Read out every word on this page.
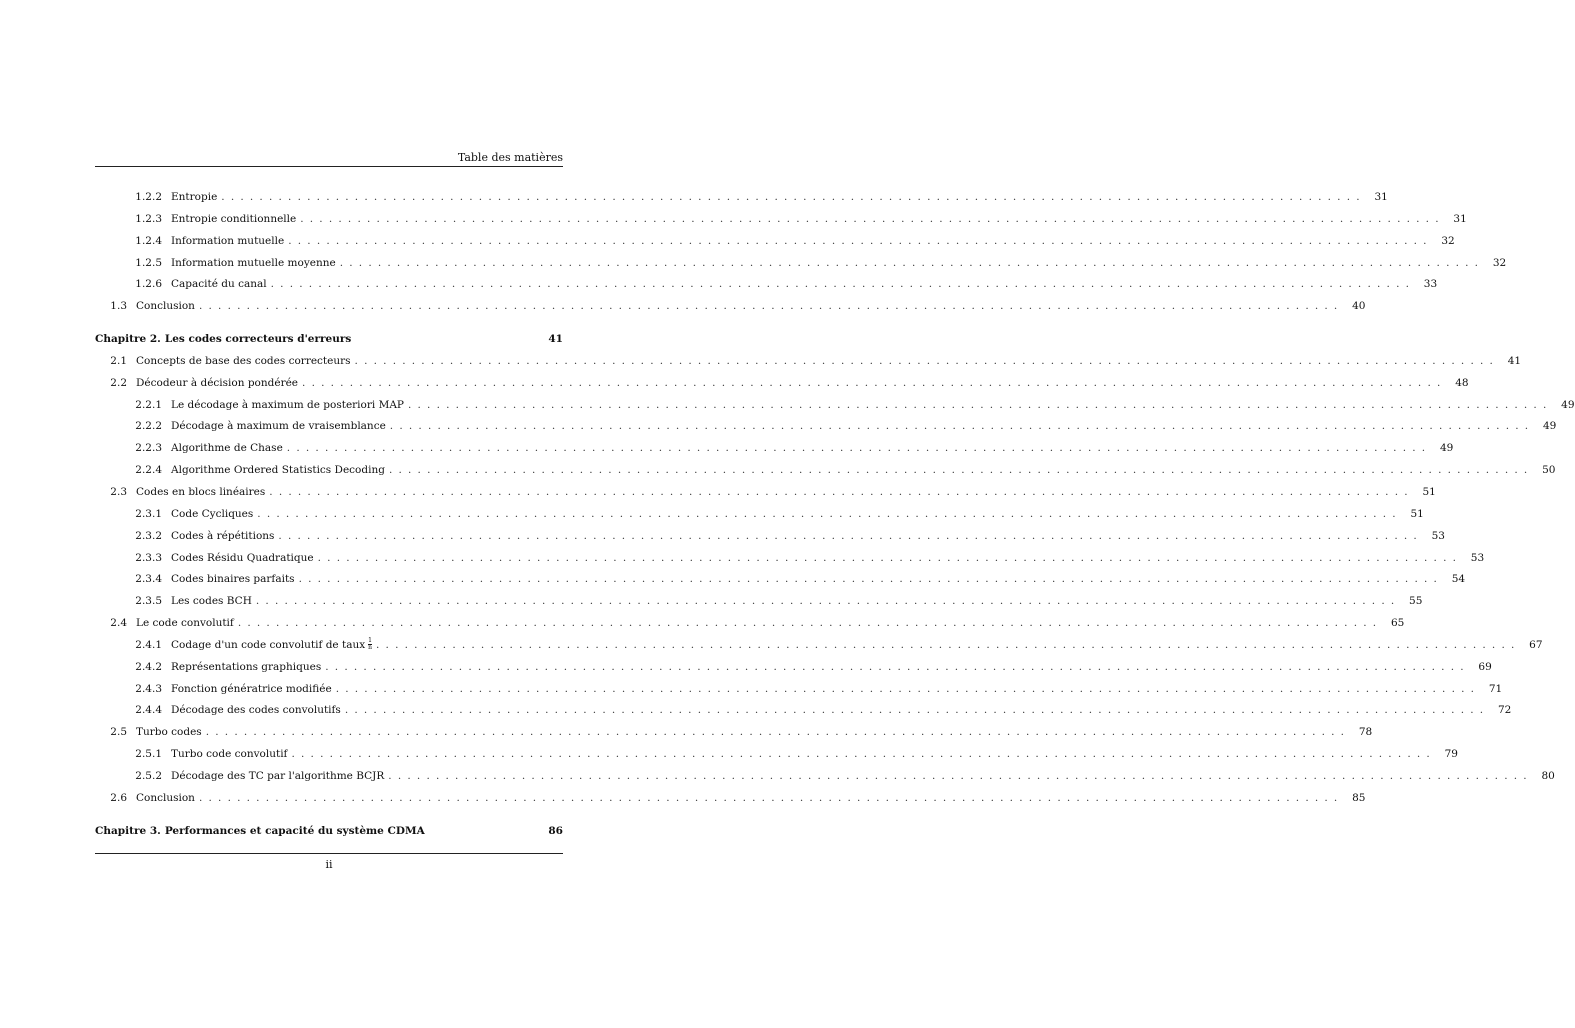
Table des matières
1.2.2 Entropie ........................................................................................................................ 31
1.2.3 Entropie conditionnelle ........................................................................................................................ 31
1.2.4 Information mutuelle ........................................................................................................................ 32
1.2.5 Information mutuelle moyenne ........................................................................................................................ 32
1.2.6 Capacité du canal ........................................................................................................................ 33
1.3 Conclusion ........................................................................................................................ 40
Chapitre 2. Les codes correcteurs d'erreurs	41
2.1 Concepts de base des codes correcteurs ........................................................................................................................ 41
2.2 Décodeur à décision pondérée ........................................................................................................................ 48
2.2.1 Le décodage à maximum de posteriori MAP ........................................................................................................................ 49
2.2.2 Décodage à maximum de vraisemblance ........................................................................................................................ 49
2.2.3 Algorithme de Chase ........................................................................................................................ 49
2.2.4 Algorithme Ordered Statistics Decoding ........................................................................................................................ 50
2.3 Codes en blocs linéaires ........................................................................................................................ 51
2.3.1 Code Cycliques ........................................................................................................................ 51
2.3.2 Codes à répétitions ........................................................................................................................ 53
2.3.3 Codes Résidu Quadratique ........................................................................................................................ 53
2.3.4 Codes binaires parfaits ........................................................................................................................ 54
2.3.5 Les codes BCH ........................................................................................................................ 55
2.4 Le code convolutif ........................................................................................................................ 65
2.4.1 Codage d'un code convolutif de taux $\frac{1}{n}$ ........................................................................................................................ 67
2.4.2 Représentations graphiques ........................................................................................................................ 69
2.4.3 Fonction génératrice modifiée ........................................................................................................................ 71
2.4.4 Décodage des codes convolutifs ........................................................................................................................ 72
2.5 Turbo codes ........................................................................................................................ 78
2.5.1 Turbo code convolutif ........................................................................................................................ 79
2.5.2 Décodage des TC par l'algorithme BCJR ........................................................................................................................ 80
2.6 Conclusion ........................................................................................................................ 85
Chapitre 3. Performances et capacité du système CDMA	86
ii
